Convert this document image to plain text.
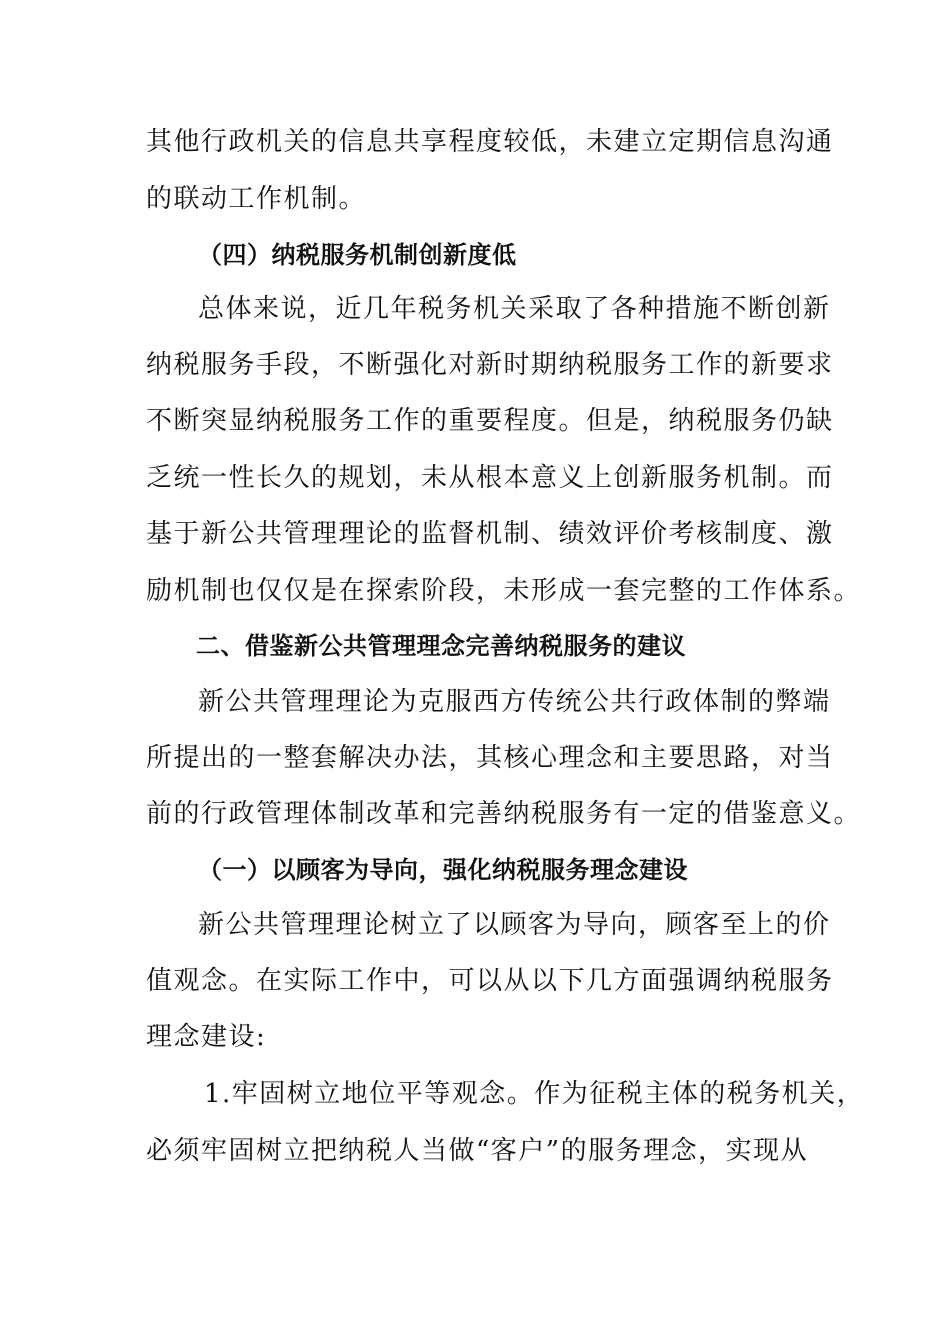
其他行政机关的信息共享程度较低，未建立定期信息沟通
的联动工作机制。
（四）纳税服务机制创新度低
总体来说，近几年税务机关采取了各种措施不断创新
纳税服务手段，不断强化对新时期纳税服务工作的新要求
不断突显纳税服务工作的重要程度。但是，纳税服务仍缺
乏统一性长久的规划，未从根本意义上创新服务机制。而
基于新公共管理理论的监督机制、绩效评价考核制度、激
励机制也仅仅是在探索阶段，未形成一套完整的工作体系。
二、借鉴新公共管理理念完善纳税服务的建议
新公共管理理论为克服西方传统公共行政体制的弊端
所提出的一整套解决办法，其核心理念和主要思路，对当
前的行政管理体制改革和完善纳税服务有一定的借鉴意义。
（一）以顾客为导向，强化纳税服务理念建设
新公共管理理论树立了以顾客为导向，顾客至上的价
值观念。在实际工作中，可以从以下几方面强调纳税服务
理念建设:
1.牢固树立地位平等观念。作为征税主体的税务机关，
必须牢固树立把纳税人当做“客户”的服务理念，实现从
